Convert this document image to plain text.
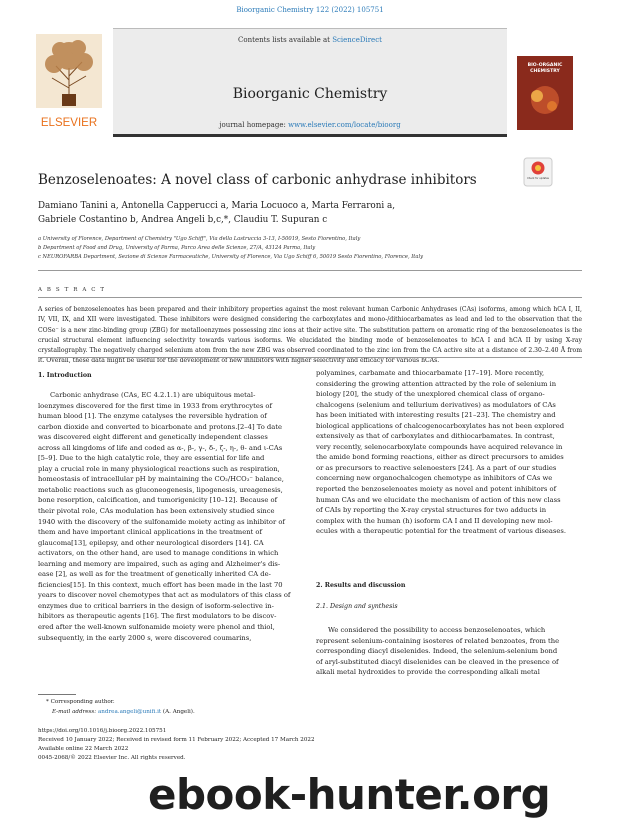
Bioorganic Chemistry 122 (2022) 105751
ELSEVIER
Contents lists available at ScienceDirect
Bioorganic Chemistry
journal homepage: www.elsevier.com/locate/bioorg
BIO-ORGANIC CHEMISTRY
Check for updates
Benzoselenoates: A novel class of carbonic anhydrase inhibitors
Damiano Tanini a, Antonella Capperucci a, Maria Locuoco a, Marta Ferraroni a,
Gabriele Costantino b, Andrea Angeli b,c,*, Claudiu T. Supuran c
a University of Florence, Department of Chemistry "Ugo Schiff", Via della Lastruccia 3-13, I-50019, Sesto Fiorentino, Italy
b Department of Food and Drug, University of Parma, Parco Area delle Scienze, 27/A, 43124 Parma, Italy
c NEUROFARBA Department, Sezione di Scienze Farmaceutiche, University of Florence, Via Ugo Schiff 6, 50019 Sesto Fiorentino, Florence, Italy
A B S T R A C T
A series of benzoselenoates has been prepared and their inhibitory properties against the most relevant human Carbonic Anhydrases (CAs) isoforms, among which hCA I, II, IV, VII, IX, and XII were investigated. These inhibitors were designed considering the carboxylates and mono-/dithiocarbamates as lead and led to the observation that the COSe⁻ is a new zinc-binding group (ZBG) for metalloenzymes possessing zinc ions at their active site. The substitution pattern on aromatic ring of the benzoselenoates is the crucial structural element influencing selectivity towards various isoforms. We elucidated the binding mode of benzoselenoates to hCA I and hCA II by using X-ray crystallography. The negatively charged selenium atom from the new ZBG was observed coordinated to the zinc ion from the CA active site at a distance of 2.30–2.40 Å from it. Overall, these data might be useful for the development of new inhibitors with higher selectivity and efficacy for various hCAs.
1. Introduction
Carbonic anhydrase (CAs, EC 4.2.1.1) are ubiquitous metal-
loenzymes discovered for the first time in 1933 from erythrocytes of
human blood [1]. The enzyme catalyses the reversible hydration of
carbon dioxide and converted to bicarbonate and protons.[2–4] To date
was discovered eight different and genetically independent classes
across all kingdoms of life and coded as α-, β-, γ-, δ-, ζ-, η-, θ- and ι-CAs
[5–9]. Due to the high catalytic role, they are essential for life and
play a crucial role in many physiological reactions such as respiration,
homeostasis of intracellular pH by maintaining the CO₂/HCO₃⁻ balance,
metabolic reactions such as gluconeogenesis, lipogenesis, ureagenesis,
bone resorption, calcification, and tumorigenicity [10–12]. Because of
their pivotal role, CAs modulation has been extensively studied since
1940 with the discovery of the sulfonamide moiety acting as inhibitor of
them and have important clinical applications in the treatment of
glaucoma[13], epilepsy, and other neurological disorders [14]. CA
activators, on the other hand, are used to manage conditions in which
learning and memory are impaired, such as aging and Alzheimer's dis-
ease [2], as well as for the treatment of genetically inherited CA de-
ficiencies[15]. In this context, much effort has been made in the last 70
years to discover novel chemotypes that act as modulators of this class of
enzymes due to critical barriers in the design of isoform-selective in-
hibitors as therapeutic agents [16]. The first modulators to be discov-
ered after the well-known sulfonamide moiety were phenol and thiol,
subsequently, in the early 2000 s, were discovered coumarins,
polyamines, carbamate and thiocarbamate [17–19]. More recently,
considering the growing attention attracted by the role of selenium in
biology [20], the study of the unexplored chemical class of organo-
chalcogens (selenium and tellurium derivatives) as modulators of CAs
has been initiated with interesting results [21–23]. The chemistry and
biological applications of chalcogenocarboxylates has not been explored
extensively as that of carboxylates and dithiocarbamates. In contrast,
very recently, selenocarboxylate compounds have acquired relevance in
the amide bond forming reactions, either as direct precursors to amides
or as precursors to reactive selenoesters [24]. As a part of our studies
concerning new organochalcogen chemotype as inhibitors of CAs we
reported the benzoselenoates moiety as novel and potent inhibitors of
human CAs and we elucidate the mechanism of action of this new class
of CAIs by reporting the X-ray crystal structures for two adducts in
complex with the human (h) isoform CA I and II developing new mol-
ecules with a therapeutic potential for the treatment of various diseases.
2. Results and discussion
2.1. Design and synthesis
We considered the possibility to access benzoselenoates, which
represent selenium-containing isosteres of related benzoates, from the
corresponding diacyl diselenides. Indeed, the selenium-selenium bond
of aryl-substituted diacyl diselenides can be cleaved in the presence of
alkali metal hydroxides to provide the corresponding alkali metal
* Corresponding author.
E-mail address: andrea.angeli@unifi.it (A. Angeli).
https://doi.org/10.1016/j.bioorg.2022.105751
Received 10 January 2022; Received in revised form 11 February 2022; Accepted 17 March 2022
Available online 22 March 2022
0045-2068/© 2022 Elsevier Inc. All rights reserved.
ebook-hunter.org
